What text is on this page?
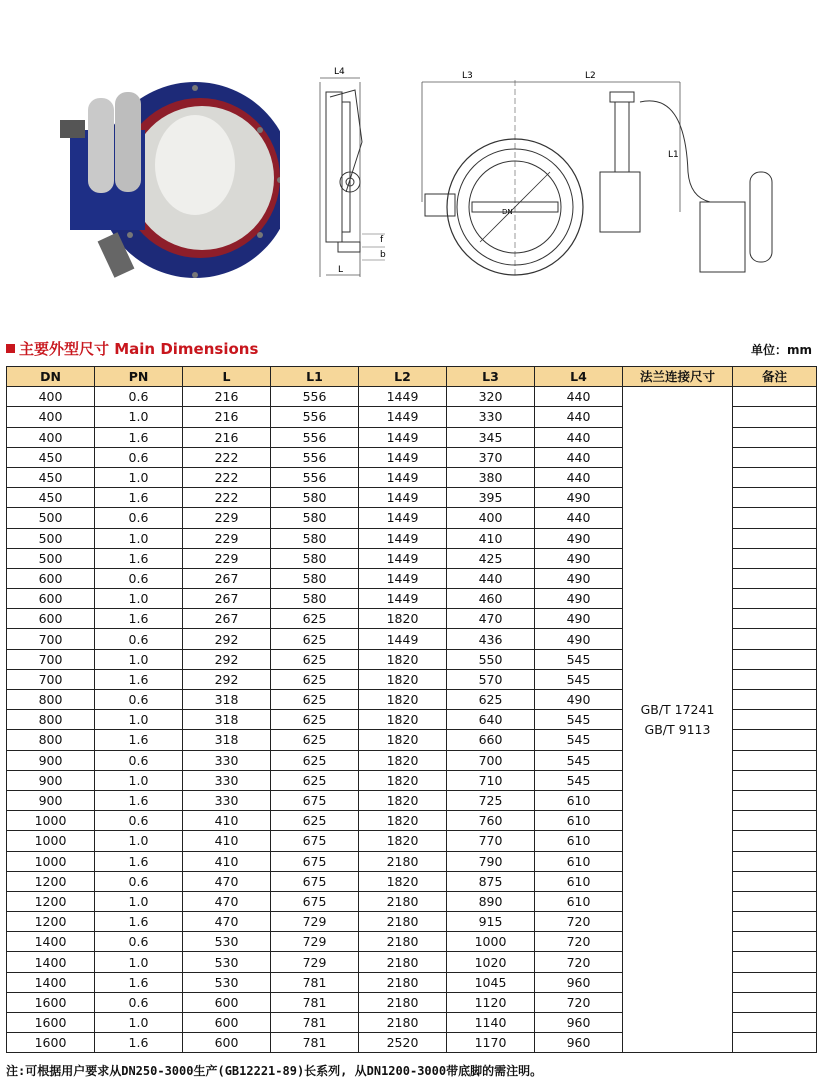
L4
f
b
L
L3	L2
DN
L1
主要外型尺寸 Main Dimensions	单位：mm
DN	PN	L	L1	L2	L3	L4	法兰连接尺寸	备注
400	0.6	216	556	1449	320	440	GB/T 17241
GB/T 9113	

400	1.0	216	556	1449	330	440		
400	1.6	216	556	1449	345	440		
450	0.6	222	556	1449	370	440		
450	1.0	222	556	1449	380	440		
450	1.6	222	580	1449	395	490		
500	0.6	229	580	1449	400	440		
500	1.0	229	580	1449	410	490		
500	1.6	229	580	1449	425	490		
600	0.6	267	580	1449	440	490		
600	1.0	267	580	1449	460	490		
600	1.6	267	625	1820	470	490		
700	0.6	292	625	1449	436	490		
700	1.0	292	625	1820	550	545		
700	1.6	292	625	1820	570	545		
800	0.6	318	625	1820	625	490		
800	1.0	318	625	1820	640	545		
800	1.6	318	625	1820	660	545		
900	0.6	330	625	1820	700	545		
900	1.0	330	625	1820	710	545		
900	1.6	330	675	1820	725	610		
1000	0.6	410	625	1820	760	610		
1000	1.0	410	675	1820	770	610		
1000	1.6	410	675	2180	790	610		
1200	0.6	470	675	1820	875	610		
1200	1.0	470	675	2180	890	610		
1200	1.6	470	729	2180	915	720		
1400	0.6	530	729	2180	1000	720		
1400	1.0	530	729	2180	1020	720		
1400	1.6	530	781	2180	1045	960		
1600	0.6	600	781	2180	1120	720		
1600	1.0	600	781	2180	1140	960		
1600	1.6	600	781	2520	1170	960		
注:可根据用户要求从DN250-3000生产(GB12221-89)长系列, 从DN1200-3000带底脚的需注明。
